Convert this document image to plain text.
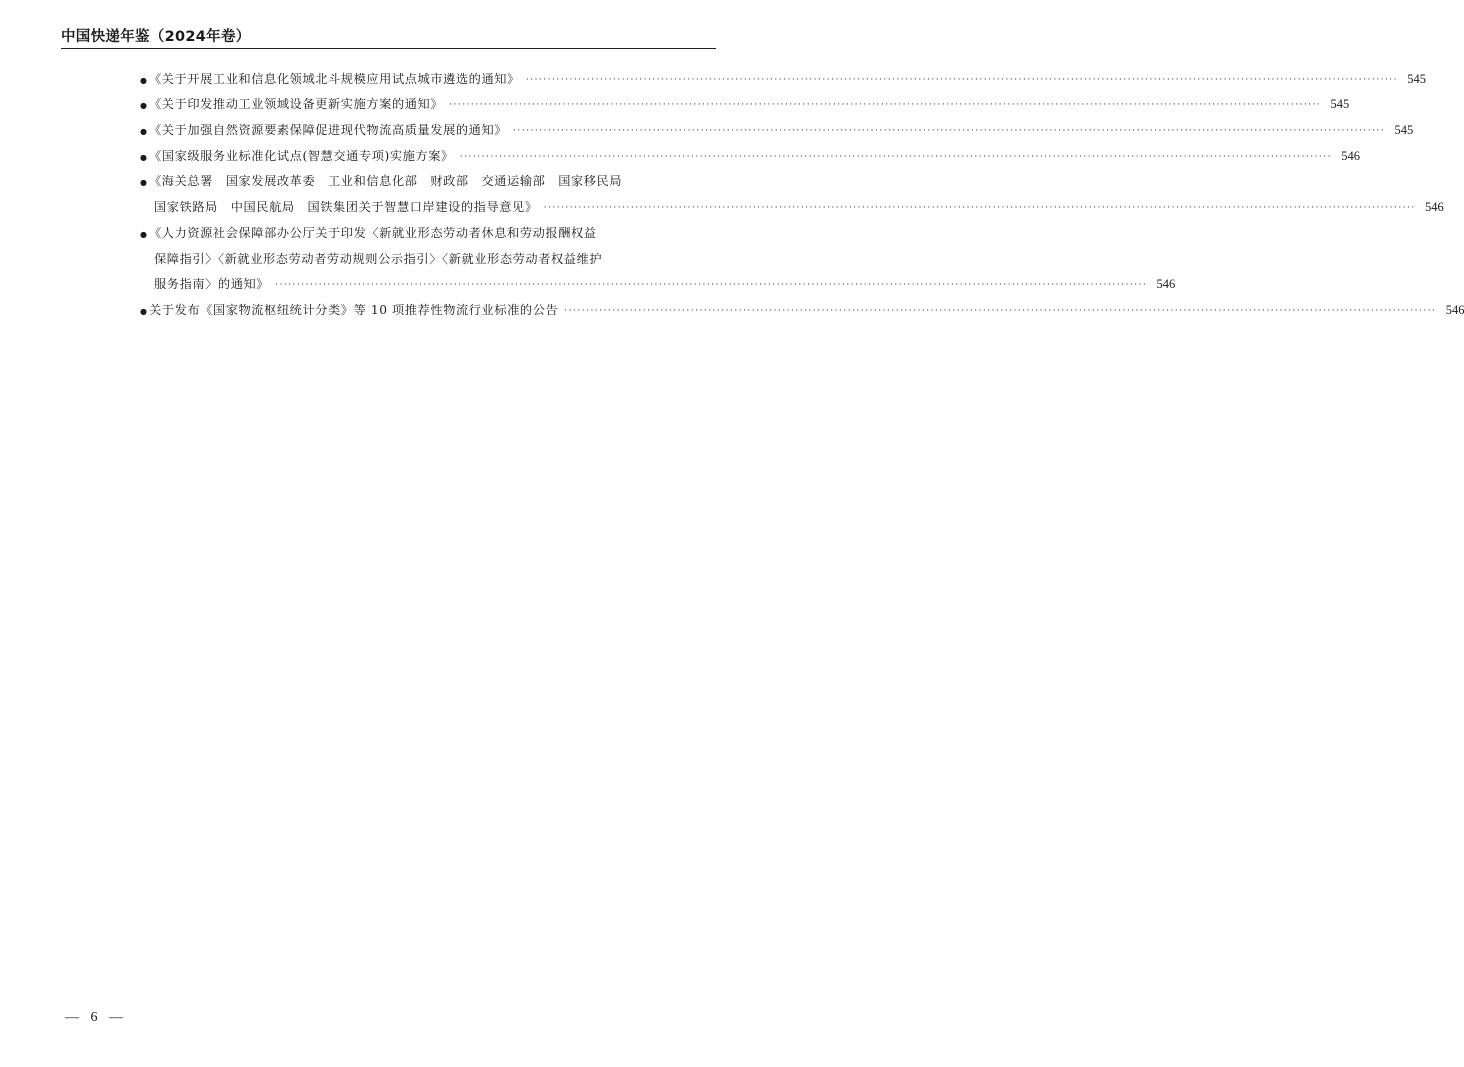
中国快递年鉴（2024年卷）
● 《关于开展工业和信息化领域北斗规模应用试点城市遴选的通知》 ········································································································································································································ 545
● 《关于印发推动工业领域设备更新实施方案的通知》 ········································································································································································································ 545
● 《关于加强自然资源要素保障促进现代物流高质量发展的通知》 ········································································································································································································ 545
● 《国家级服务业标准化试点(智慧交通专项)实施方案》 ········································································································································································································ 546
● 《海关总署　国家发展改革委　工业和信息化部　财政部　交通运输部　国家移民局
国家铁路局　中国民航局　国铁集团关于智慧口岸建设的指导意见》 ········································································································································································································ 546
● 《人力资源社会保障部办公厅关于印发〈新就业形态劳动者休息和劳动报酬权益
保障指引〉〈新就业形态劳动者劳动规则公示指引〉〈新就业形态劳动者权益维护
服务指南〉的通知》 ········································································································································································································ 546
● 关于发布《国家物流枢纽统计分类》等 10 项推荐性物流行业标准的公告 ········································································································································································································ 546
— 6 —
